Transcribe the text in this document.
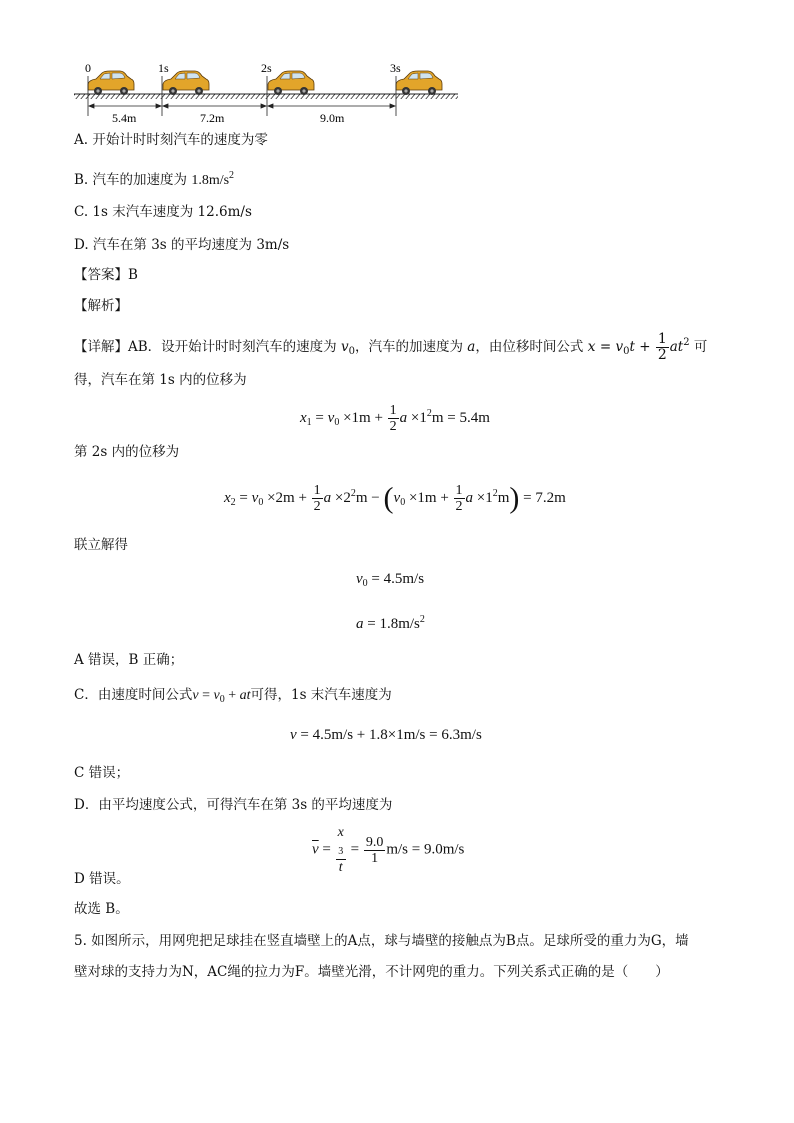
0	1s	2s	3s
5.4m	7.2m	9.0m
A. 开始计时时刻汽车的速度为零
B. 汽车的加速度为 $1.8m/s^2$
C. 1s 末汽车速度为 12.6m/s
D. 汽车在第 3s 的平均速度为 3m/s
【答案】B
【解析】
【详解】AB．设开始计时时刻汽车的速度为 $v_0$，汽车的加速度为 a，由位移时间公式 $x = v_0t + \frac{1}{2} at^2$ 可
得，汽车在第 1s 内的位移为
$x_1 = v_0 \times 1m + \frac{1}{2}$ $a \times 1^2m = 5.4m$
第 2s 内的位移为
$x_2 = v_0 \times 2m + \frac{1}{2}$ $a \times 2^2m - (v_0 \times 1m + \frac{1}{2}$ $a \times 1^2m) = 7.2m$
联立解得
$v_0 = 4.5m/s$
$a = 1.8m/s^2$
A 错误，B 正确；
C．由速度时间公式$v = v_0$ + at可得，1s 末汽车速度为
v = 4.5m/s + 1.8×1m/s = 6.3m/s
C 错误；
D．由平均速度公式，可得汽车在第 3s 的平均速度为
$\overline{v} = x$
$_3$
$t = \frac{9.0}{1} m/s = 9.0m/s$
D 错误。
故选 B。
5. 如图所示，用网兜把足球挂在竖直墙壁上的A点，球与墙壁的接触点为B点。足球所受的重力为G，墙
壁对球的支持力为N，AC绳的拉力为F。墙壁光滑，不计网兜的重力。下列关系式正确的是（　　）
